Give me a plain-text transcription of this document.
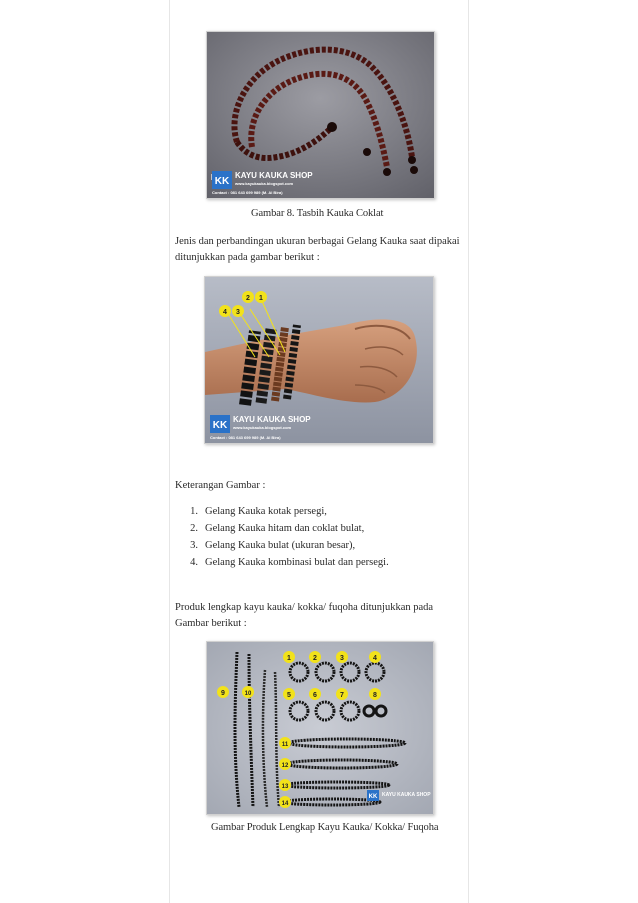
KK
KAYU KAUKA SHOP
www.kayukauka.blogspot.com
Contact : 081 643 699 989 (M. Al Bira)
Gambar 8. Tasbih Kauka Coklat
Jenis dan perbandingan ukuran berbagai Gelang Kauka saat dipakai ditunjukkan pada gambar berikut :
2 1
4 3
KK
KAYU KAUKA SHOP
www.kayukauka.blogspot.com
Contact : 081 643 699 989 (M. Al Bira)
Keterangan Gambar :
1. Gelang Kauka kotak persegi,
2. Gelang Kauka hitam dan coklat bulat,
3. Gelang Kauka bulat (ukuran besar),
4. Gelang Kauka kombinasi bulat dan persegi.
Produk lengkap kayu kauka/ kokka/ fuqoha ditunjukkan pada Gambar berikut :
9	10
1	2	3	4
5	6	7	8
11
12
13
14
KK KAYU KAUKA SHOP
Gambar Produk Lengkap Kayu Kauka/ Kokka/ Fuqoha
